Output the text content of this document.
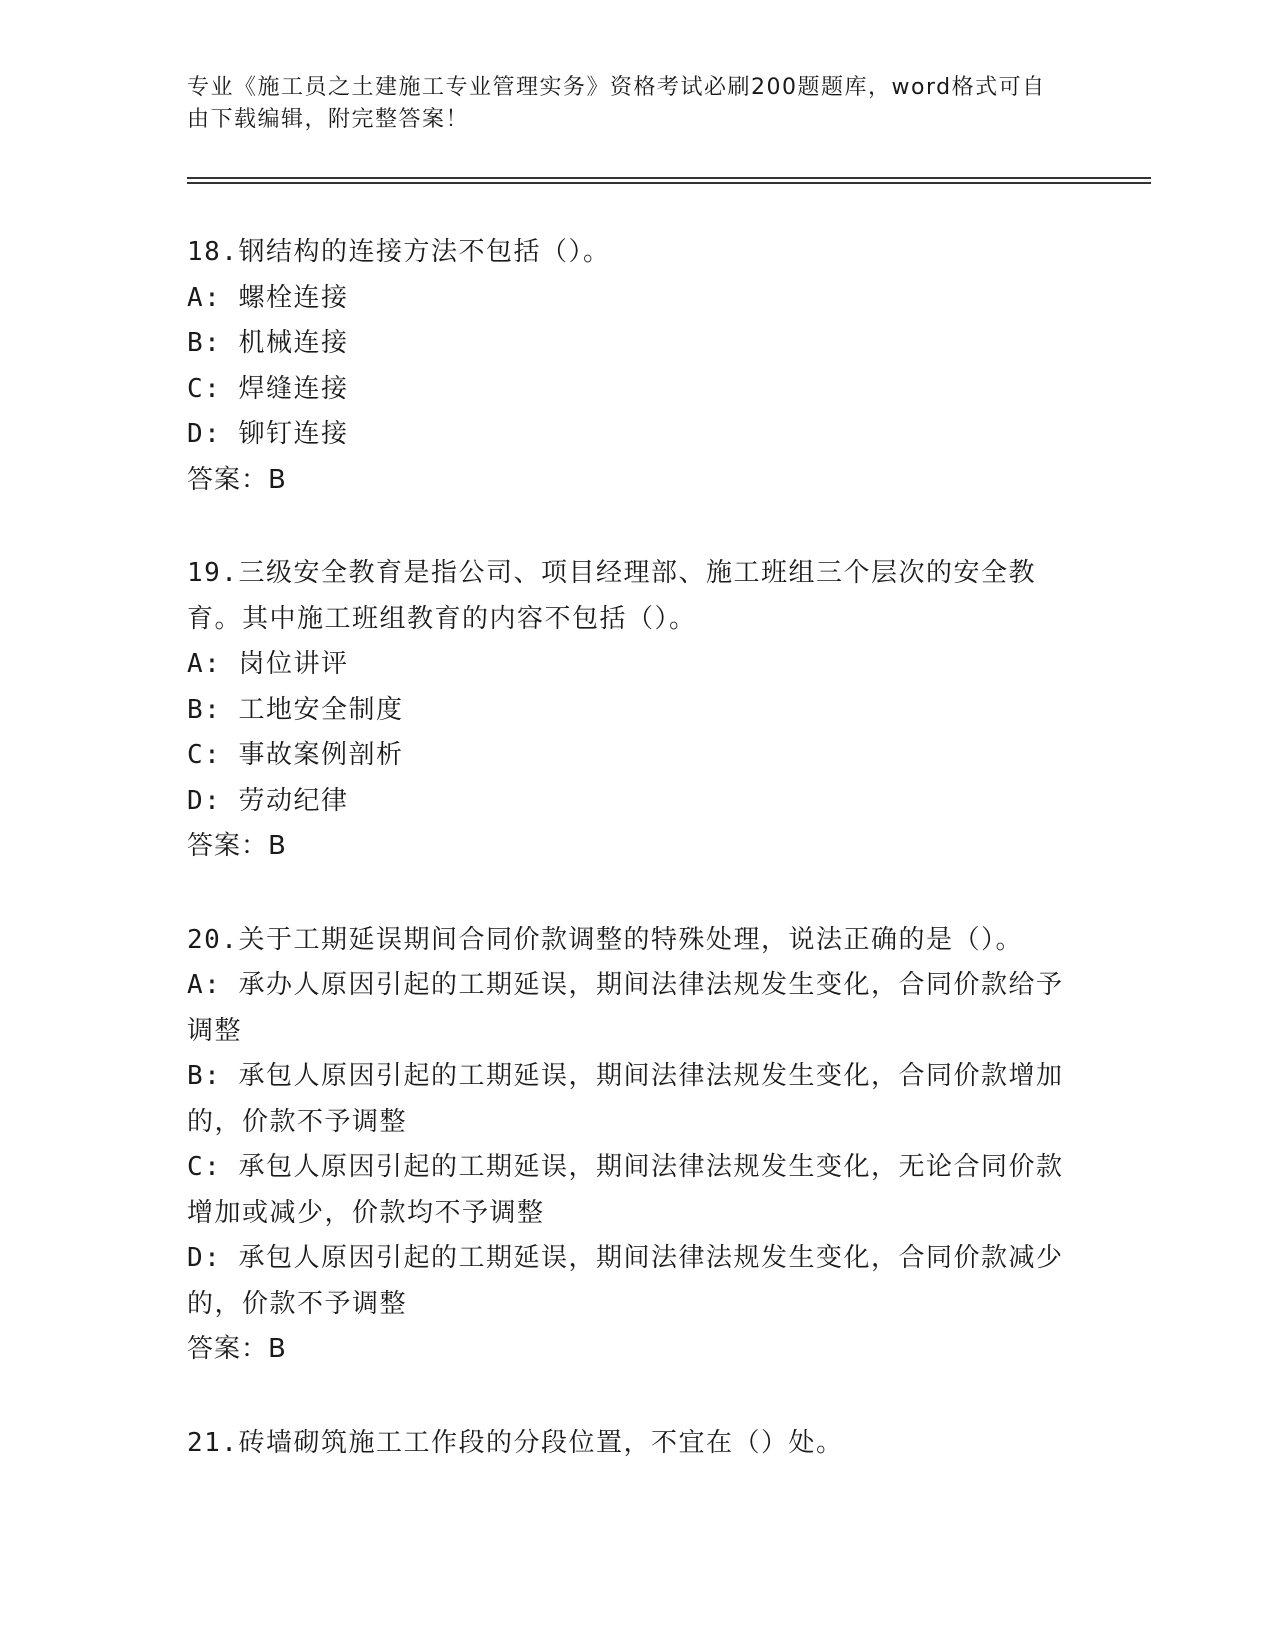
专业《施工员之土建施工专业管理实务》资格考试必刷200题题库，word格式可自由下载编辑，附完整答案！
18.钢结构的连接方法不包括（）。
A: 螺栓连接
B: 机械连接
C: 焊缝连接
D: 铆钉连接
答案：B
19.三级安全教育是指公司、项目经理部、施工班组三个层次的安全教育。其中施工班组教育的内容不包括（）。
A: 岗位讲评
B: 工地安全制度
C: 事故案例剖析
D: 劳动纪律
答案：B
20.关于工期延误期间合同价款调整的特殊处理，说法正确的是（）。
A: 承办人原因引起的工期延误，期间法律法规发生变化，合同价款给予调整
B: 承包人原因引起的工期延误，期间法律法规发生变化，合同价款增加的，价款不予调整
C: 承包人原因引起的工期延误，期间法律法规发生变化，无论合同价款增加或减少，价款均不予调整
D: 承包人原因引起的工期延误，期间法律法规发生变化，合同价款减少的，价款不予调整
答案：B
21.砖墙砌筑施工工作段的分段位置，不宜在（）处。
